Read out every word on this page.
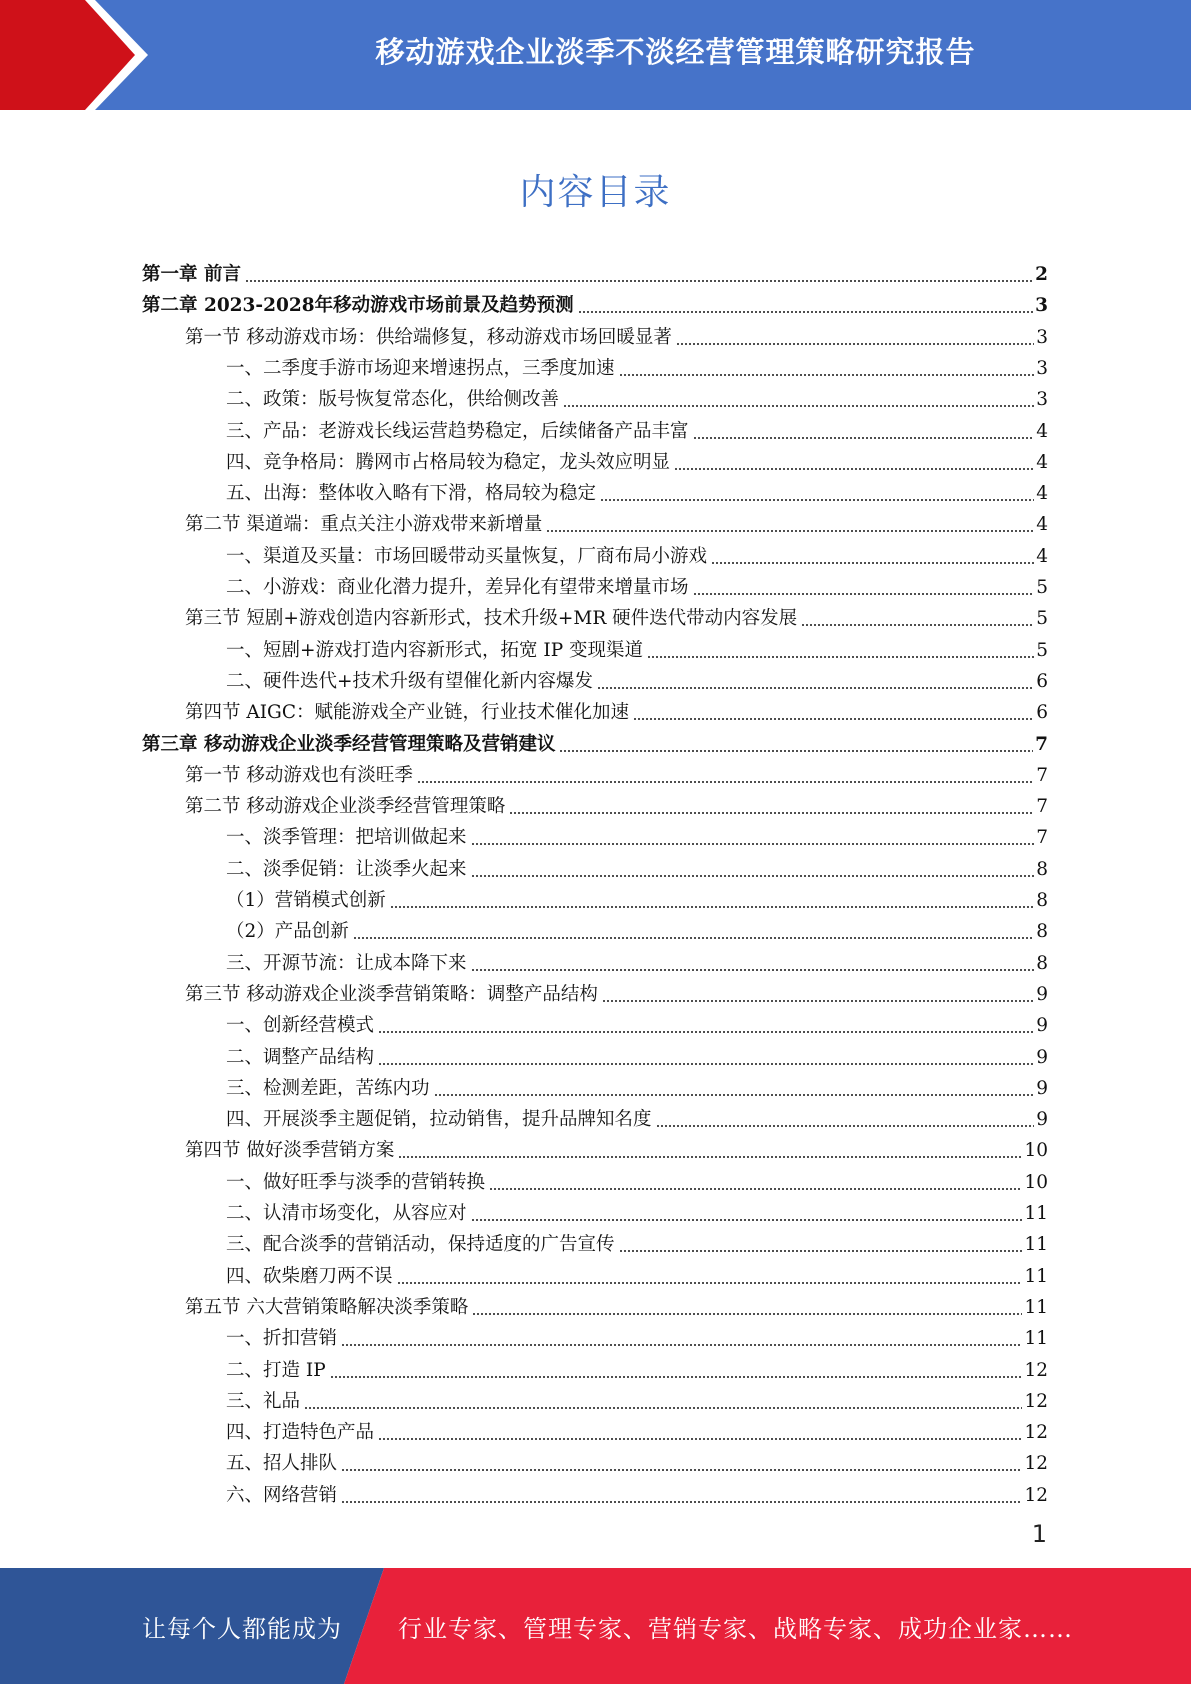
移动游戏企业淡季不淡经营管理策略研究报告
内容目录
第一章 前言	2
第二章 2023-2028年移动游戏市场前景及趋势预测	3
第一节 移动游戏市场：供给端修复，移动游戏市场回暖显著	3
一、二季度手游市场迎来增速拐点，三季度加速	3
二、政策：版号恢复常态化，供给侧改善	3
三、产品：老游戏长线运营趋势稳定，后续储备产品丰富	4
四、竞争格局：腾网市占格局较为稳定，龙头效应明显	4
五、出海：整体收入略有下滑，格局较为稳定	4
第二节 渠道端：重点关注小游戏带来新增量	4
一、渠道及买量：市场回暖带动买量恢复，厂商布局小游戏	4
二、小游戏：商业化潜力提升，差异化有望带来增量市场	5
第三节 短剧+游戏创造内容新形式，技术升级+MR 硬件迭代带动内容发展	5
一、短剧+游戏打造内容新形式，拓宽 IP 变现渠道	5
二、硬件迭代+技术升级有望催化新内容爆发	6
第四节 AIGC：赋能游戏全产业链，行业技术催化加速	6
第三章 移动游戏企业淡季经营管理策略及营销建议	7
第一节 移动游戏也有淡旺季	7
第二节 移动游戏企业淡季经营管理策略	7
一、淡季管理：把培训做起来	7
二、淡季促销：让淡季火起来	8
（1）营销模式创新	8
（2）产品创新	8
三、开源节流：让成本降下来	8
第三节 移动游戏企业淡季营销策略：调整产品结构	9
一、创新经营模式	9
二、调整产品结构	9
三、检测差距，苦练内功	9
四、开展淡季主题促销，拉动销售，提升品牌知名度	9
第四节 做好淡季营销方案	10
一、做好旺季与淡季的营销转换	10
二、认清市场变化，从容应对	11
三、配合淡季的营销活动，保持适度的广告宣传	11
四、砍柴磨刀两不误	11
第五节 六大营销策略解决淡季策略	11
一、折扣营销	11
二、打造 IP	12
三、礼品	12
四、打造特色产品	12
五、招人排队	12
六、网络营销	12
1
让每个人都能成为 行业专家、管理专家、营销专家、战略专家、成功企业家……
